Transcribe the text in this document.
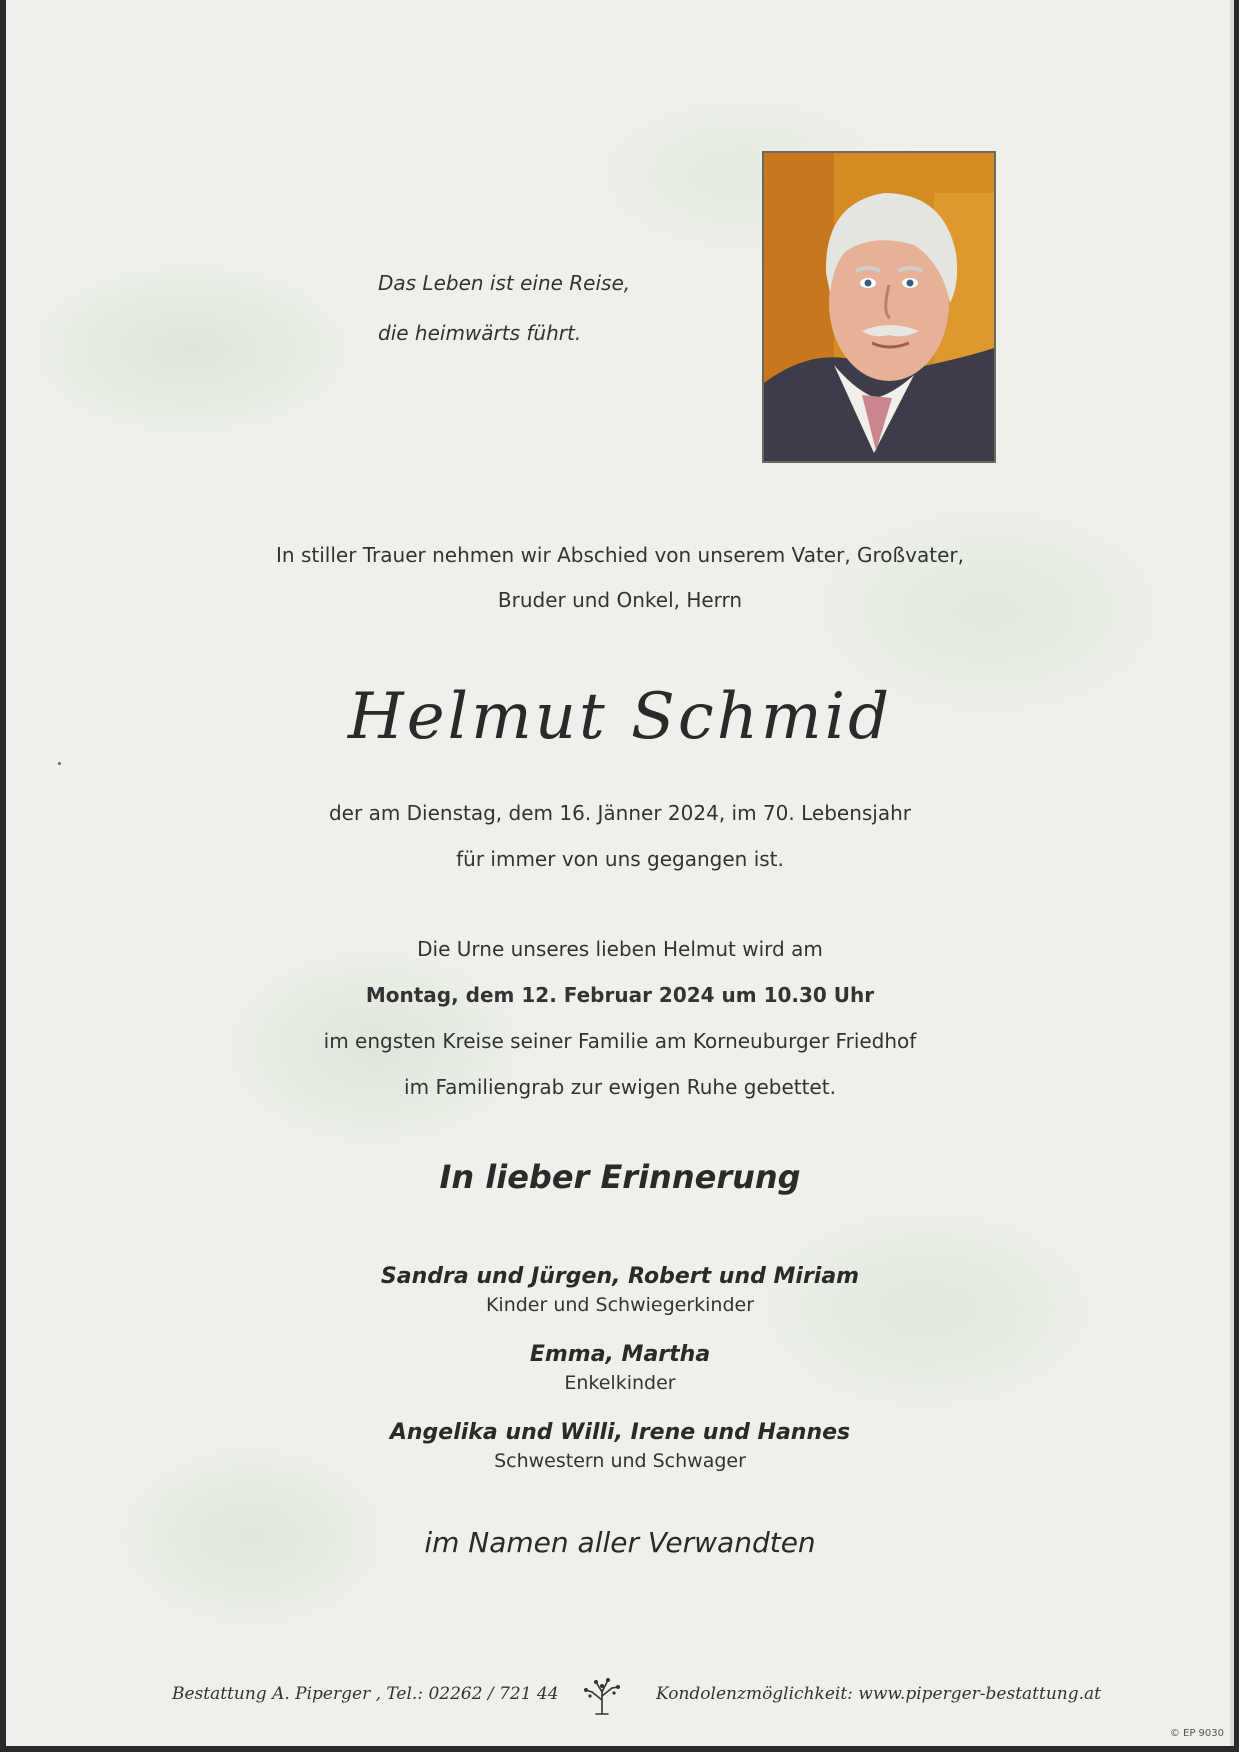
Das Leben ist eine Reise,
die heimwärts führt.
In stiller Trauer nehmen wir Abschied von unserem Vater, Großvater,
Bruder und Onkel, Herrn
Helmut Schmid
der am Dienstag, dem 16. Jänner 2024, im 70. Lebensjahr
für immer von uns gegangen ist.
Die Urne unseres lieben Helmut wird am
Montag, dem 12. Februar 2024 um 10.30 Uhr
im engsten Kreise seiner Familie am Korneuburger Friedhof
im Familiengrab zur ewigen Ruhe gebettet.
In lieber Erinnerung
Sandra und Jürgen, Robert und Miriam
Kinder und Schwiegerkinder
Emma, Martha
Enkelkinder
Angelika und Willi, Irene und Hannes
Schwestern und Schwager
im Namen aller Verwandten
Bestattung A. Piperger , Tel.: 02262 / 721 44	Kondolenzmöglichkeit: www.piperger-bestattung.at
© EP 9030
